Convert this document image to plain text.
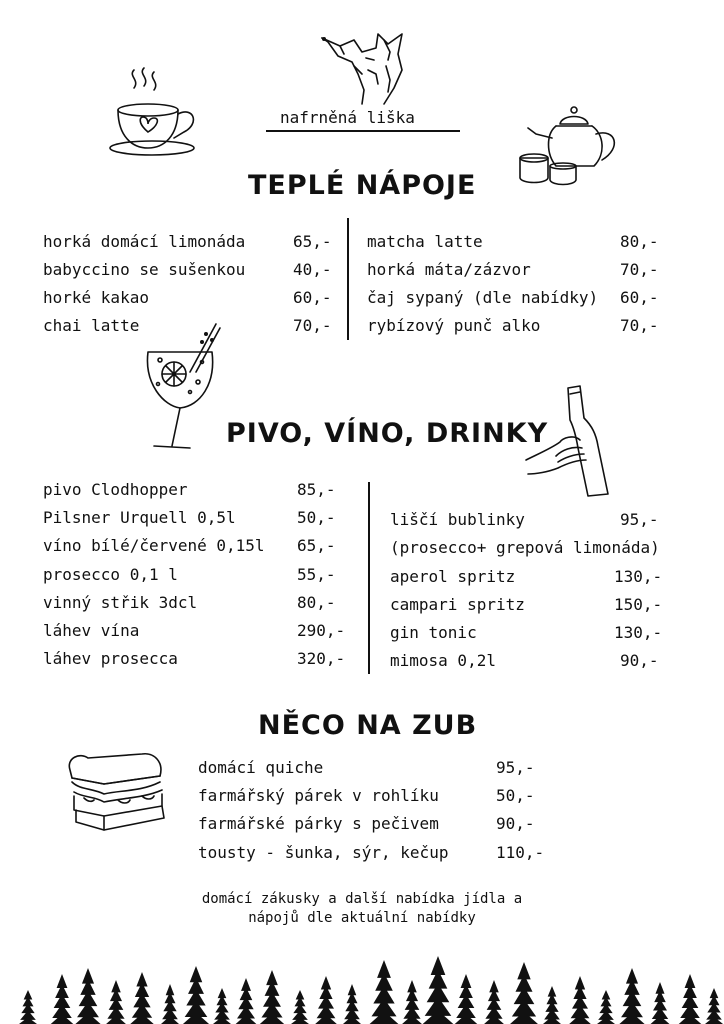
nafrněná liška
TEPLÉ NÁPOJE
horká domácí limonáda	65,-
babyccino se sušenkou	40,-
horké kakao	60,-
chai latte	70,-
matcha latte	80,-
horká máta/zázvor	70,-
čaj sypaný (dle nabídky) 60,-
rybízový punč alko	70,-
PIVO, VÍNO, DRINKY
pivo Clodhopper	85,-
Pilsner Urquell 0,5l	50,-
víno bílé/červené 0,15l 65,-
prosecco 0,1 l	55,-
vinný střik 3dcl	80,-
láhev vína	290,-
láhev prosecca	320,-
liščí bublinky	95,-
(prosecco+ grepová limonáda)
aperol spritz	130,-
campari spritz	150,-
gin tonic	130,-
mimosa 0,2l	90,-
NĚCO NA ZUB
domácí quiche	95,-
farmářský párek v rohlíku	50,-
farmářské párky s pečivem	90,-
tousty - šunka, sýr, kečup	110,-
domácí zákusky a další nabídka jídla a
nápojů dle aktuální nabídky
